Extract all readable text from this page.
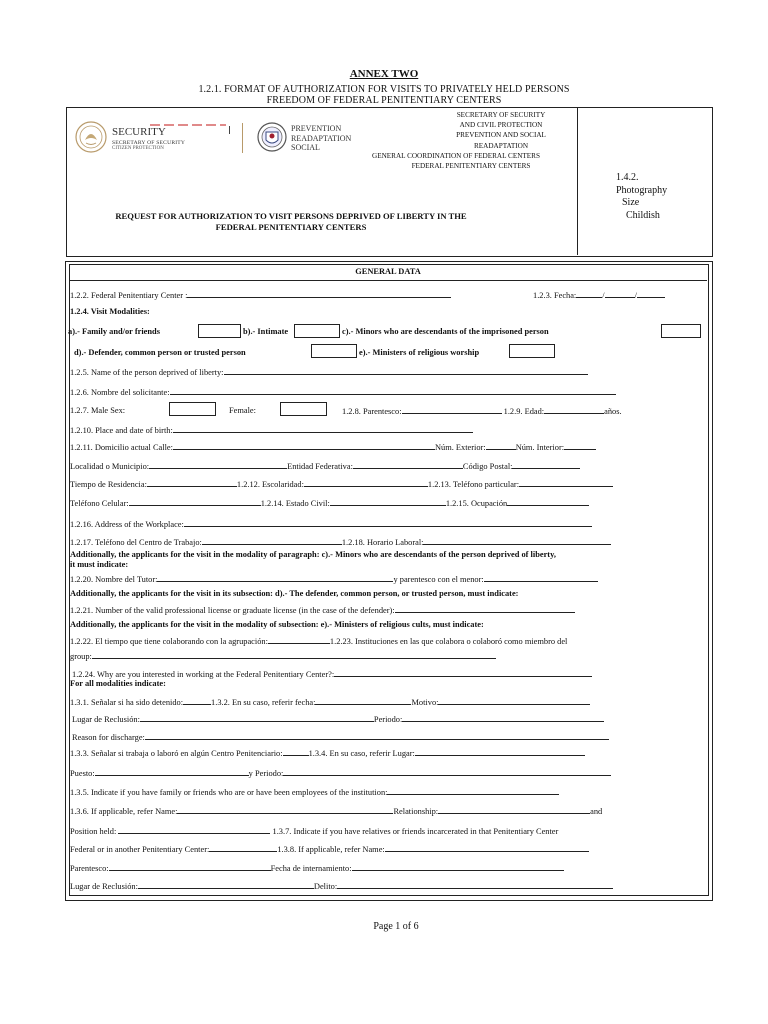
ANNEX TWO
1.2.1. FORMAT OF AUTHORIZATION FOR VISITS TO PRIVATELY HELD PERSONS
FREEDOM OF FEDERAL PENITENTIARY CENTERS
SECURITY
SECRETARY OF SECURITY
CITIZEN PROTECTION
PREVENTION
READAPTATION
SOCIAL
SECRETARY OF SECURITY
AND CIVIL PROTECTION
PREVENTION AND SOCIAL READAPTATION
GENERAL COORDINATION OF FEDERAL CENTERS
FEDERAL PENITENTIARY CENTERS
REQUEST FOR AUTHORIZATION TO VISIT PERSONS DEPRIVED OF LIBERTY IN THE
FEDERAL PENITENTIARY CENTERS
1.4.2.
Photography
Size
Childish
GENERAL DATA
1.2.2. Federal Penitentiary Center :	1.2.3. Fecha:	/	/
1.2.4. Visit Modalities:
a).- Family and/or friends	b).- Intimate	c).- Minors who are descendants of the imprisoned person
d).- Defender, common person or trusted person	e).- Ministers of religious worship
1.2.5. Name of the person deprived of liberty:
1.2.6. Nombre del solicitante:
1.2.7. Male Sex:	Female:	1.2.8. Parentesco:	1.2.9. Edad:	años.
1.2.10. Place and date of birth:
1.2.11. Domicilio actual Calle:	Núm. Exterior:	Núm. Interior:
Localidad o Municipio:	Entidad Federativa:	Código Postal:
Tiempo de Residencia:	1.2.12. Escolaridad:	1.2.13. Teléfono particular:
Teléfono Celular:	1.2.14. Estado Civil:	1.2.15. Ocupación
1.2.16. Address of the Workplace:
1.2.17. Teléfono del Centro de Trabajo:	1.2.18. Horario Laboral:
Additionally, the applicants for the visit in the modality of paragraph: c).- Minors who are descendants of the person deprived of liberty,
it must indicate:
1.2.20. Nombre del Tutor:	y parentesco con el menor:
Additionally, the applicants for the visit in its subsection: d).- The defender, common person, or trusted person, must indicate:
1.2.21. Number of the valid professional license or graduate license (in the case of the defender):
Additionally, the applicants for the visit in the modality of subsection: e).- Ministers of religious cults, must indicate:
1.2.22. El tiempo que tiene colaborando con la agrupación:	1.2.23. Instituciones en las que colabora o colaboró como miembro del
group:
1.2.24. Why are you interested in working at the Federal Penitentiary Center?:
For all modalities indicate:
1.3.1. Señalar si ha sido detenido:	1.3.2. En su caso, referir fecha:	Motivo:
Lugar de Reclusión:	Periodo:
Reason for discharge:
1.3.3. Señalar si trabaja o laboró en algún Centro Penitenciario:	1.3.4. En su caso, referir Lugar:
Puesto:	y Periodo:
1.3.5. Indicate if you have family or friends who are or have been employees of the institution:
1.3.6. If applicable, refer Name:	Relationship:	and
Position held:	1.3.7. Indicate if you have relatives or friends incarcerated in that Penitentiary Center
Federal or in another Penitentiary Center:	1.3.8. If applicable, refer Name:
Parentesco:	Fecha de internamiento:
Lugar de Reclusión:	Delito:
Page 1 of 6
